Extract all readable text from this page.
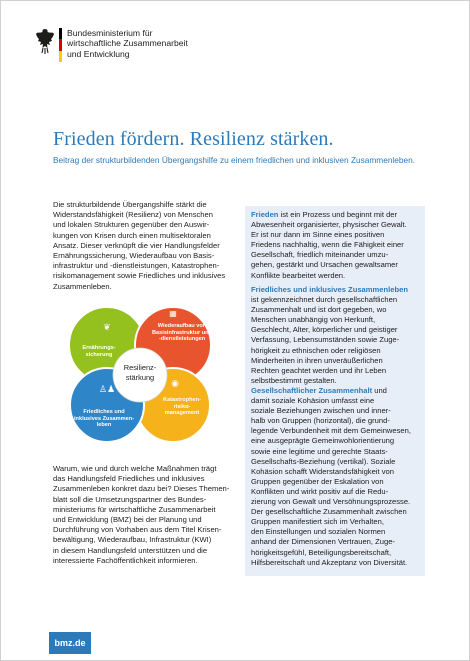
Bundesministerium für
wirtschaftliche Zusammenarbeit
und Entwicklung
Frieden fördern. Resilienz stärken.
Beitrag der strukturbildenden Übergangshilfe zu einem friedlichen und inklusiven Zusammenleben.
Die strukturbildende Übergangshilfe stärkt die
Widerstandsfähigkeit (Resilienz) von Menschen
und lokalen Strukturen gegenüber den Auswir-
kungen von Krisen durch einen multisektoralen
Ansatz. Dieser verknüpft die vier Handlungsfelder
Ernährungssicherung, Wiederaufbau von Basis-
infrastruktur und -dienstleistungen, Katastrophen-
risikomanagement sowie Friedliches und inklusives
Zusammenleben.
❦
▦
◉
♙♟
Ernährungs-
sicherung
Wiederaufbau von
Basisinfrastruktur und
-dienstleistungen
Katastrophen-
risiko-
management
Friedliches und
inklusives Zusammen-
leben
Resilienz-
stärkung
Warum, wie und durch welche Maßnahmen trägt
das Handlungsfeld Friedliches und inklusives
Zusammenleben konkret dazu bei? Dieses Themen-
blatt soll die Umsetzungspartner des Bundes-
ministeriums für wirtschaftliche Zusammenarbeit
und Entwicklung (BMZ) bei der Planung und
Durchführung von Vorhaben aus dem Titel Krisen-
bewältigung, Wiederaufbau, Infrastruktur (KWI)
in diesem Handlungsfeld unterstützen und die
interessierte Fachöffentlichkeit informieren.
Frieden ist ein Prozess und beginnt mit der
Abwesenheit organisierter, physischer Gewalt.
Er ist nur dann im Sinne eines positiven
Friedens nachhaltig, wenn die Fähigkeit einer
Gesellschaft, friedlich miteinander umzu-
gehen, gestärkt und Ursachen gewaltsamer
Konflikte bearbeitet werden.
Friedliches und inklusives Zusammenleben
ist gekennzeichnet durch gesellschaftlichen
Zusammenhalt und ist dort gegeben, wo
Menschen unabhängig von Herkunft,
Geschlecht, Alter, körperlicher und geistiger
Verfassung, Lebensumständen sowie Zuge-
hörigkeit zu ethnischen oder religiösen
Minderheiten in ihren unveräußerlichen
Rechten geachtet werden und ihr Leben
selbstbestimmt gestalten.
Gesellschaftlicher Zusammenhalt und
damit soziale Kohäsion umfasst eine
soziale Beziehungen zwischen und inner-
halb von Gruppen (horizontal), die grund-
legende Verbundenheit mit dem Gemeinwesen,
eine ausgeprägte Gemeinwohlorientierung
sowie eine legitime und gerechte Staats-
Gesellschafts-Beziehung (vertikal). Soziale
Kohäsion schafft Widerstandsfähigkeit von
Gruppen gegenüber der Eskalation von
Konflikten und wirkt positiv auf die Redu-
zierung von Gewalt und Versöhnungsprozesse.
Der gesellschaftliche Zusammenhalt zwischen
Gruppen manifestiert sich im Verhalten,
den Einstellungen und sozialen Normen
anhand der Dimensionen Vertrauen, Zuge-
hörigkeitsgefühl, Beteiligungsbereitschaft,
Hilfsbereitschaft und Akzeptanz von Diversität.
bmz.de
